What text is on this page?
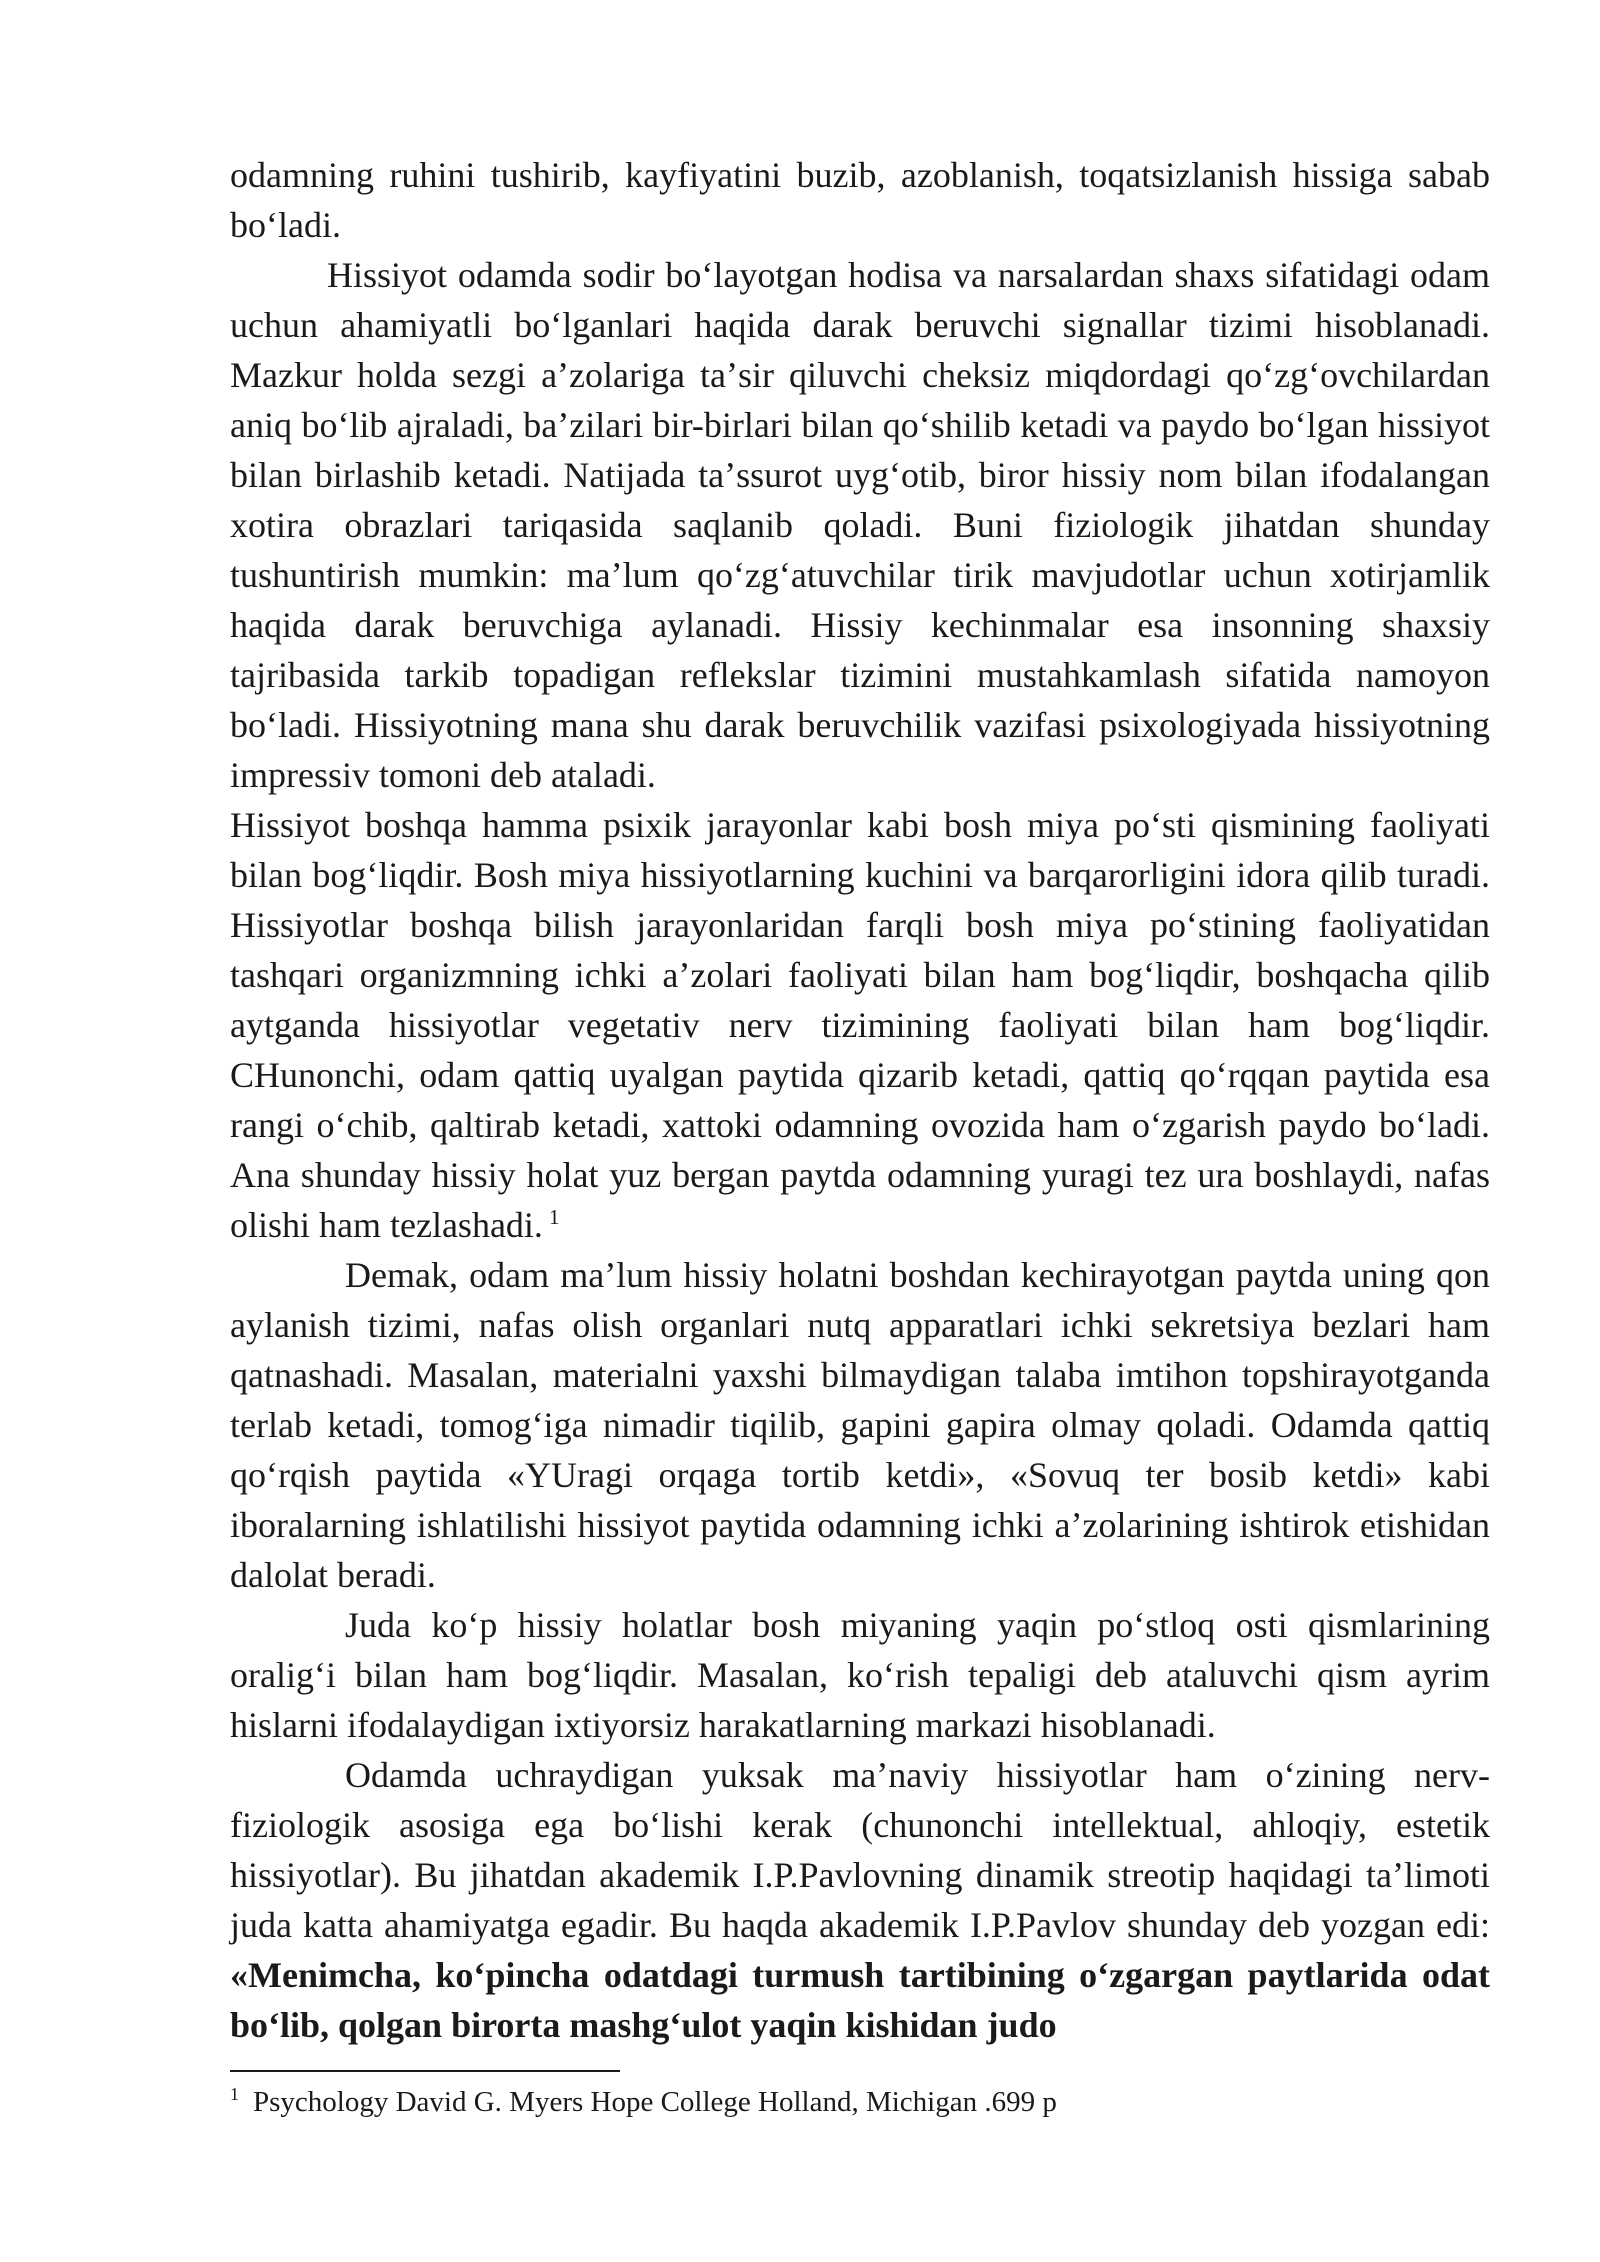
odamning ruhini tushirib, kayfiyatini buzib, azoblanish, toqatsizlanish hissiga sabab boʻladi.

Hissiyot odamda sodir boʻlayotgan hodisa va narsalardan shaxs sifatidagi odam uchun ahamiyatli boʻlganlari haqida darak beruvchi signallar tizimi hisoblanadi. Mazkur holda sezgi aʼzolariga taʼsir qiluvchi cheksiz miqdordagi qoʻzgʻovchilardan aniq boʻlib ajraladi, baʼzilari bir-birlari bilan qoʻshilib ketadi va paydo boʻlgan hissiyot bilan birlashib ketadi. Natijada taʼssurot uygʻotib, biror hissiy nom bilan ifodalangan xotira obrazlari tariqasida saqlanib qoladi. Buni fiziologik jihatdan shunday tushuntirish mumkin: maʼlum qoʻzgʻatuvchilar tirik mavjudotlar uchun xotirjamlik haqida darak beruvchiga aylanadi. Hissiy kechinmalar esa insonning shaxsiy tajribasida tarkib topadigan reflekslar tizimini mustahkamlash sifatida namoyon boʻladi. Hissiyotning mana shu darak beruvchilik vazifasi psixologiyada hissiyotning impressiv tomoni deb ataladi.

Hissiyot boshqa hamma psixik jarayonlar kabi bosh miya poʻsti qismining faoliyati bilan bogʻliqdir. Bosh miya hissiyotlarning kuchini va barqarorligini idora qilib turadi. Hissiyotlar boshqa bilish jarayonlaridan farqli bosh miya poʻstining faoliyatidan tashqari organizmning ichki aʼzolari faoliyati bilan ham bogʻliqdir, boshqacha qilib aytganda hissiyotlar vegetativ nerv tizimining faoliyati bilan ham bogʻliqdir. CHunonchi, odam qattiq uyalgan paytida qizarib ketadi, qattiq qoʻrqqan paytida esa rangi oʻchib, qaltirab ketadi, xattoki odamning ovozida ham oʻzgarish paydo boʻladi. Ana shunday hissiy holat yuz bergan paytda odamning yuragi tez ura boshlaydi, nafas olishi ham tezlashadi. $^1$

Demak, odam maʼlum hissiy holatni boshdan kechirayotgan paytda uning qon aylanish tizimi, nafas olish organlari nutq apparatlari ichki sekretsiya bezlari ham qatnashadi. Masalan, materialni yaxshi bilmaydigan talaba imtihon topshirayotganda terlab ketadi, tomogʻiga nimadir tiqilib, gapini gapira olmay qoladi. Odamda qattiq qoʻrqish paytida «YUragi orqaga tortib ketdi», «Sovuq ter bosib ketdi» kabi iboralarning ishlatilishi hissiyot paytida odamning ichki aʼzolarining ishtirok etishidan dalolat beradi.

Juda koʻp hissiy holatlar bosh miyaning yaqin poʻstloq osti qismlarining oraligʻi bilan ham bogʻliqdir. Masalan, koʻrish tepaligi deb ataluvchi qism ayrim hislarni ifodalaydigan ixtiyorsiz harakatlarning markazi hisoblanadi.

Odamda uchraydigan yuksak maʼnaviy hissiyotlar ham oʻzining nerv-fiziologik asosiga ega boʻlishi kerak (chunonchi intellektual, ahloqiy, estetik hissiyotlar). Bu jihatdan akademik I.P.Pavlovning dinamik streotip haqidagi taʼlimoti juda katta ahamiyatga egadir. Bu haqda akademik I.P.Pavlov shunday deb yozgan edi: «Menimcha, koʻpincha odatdagi turmush tartibining oʻzgargan paytlarida odat boʻlib, qolgan birorta mashgʻulot yaqin kishidan judo

$^1$ Psychology David G. Myers Hope College Holland, Michigan .699 p
